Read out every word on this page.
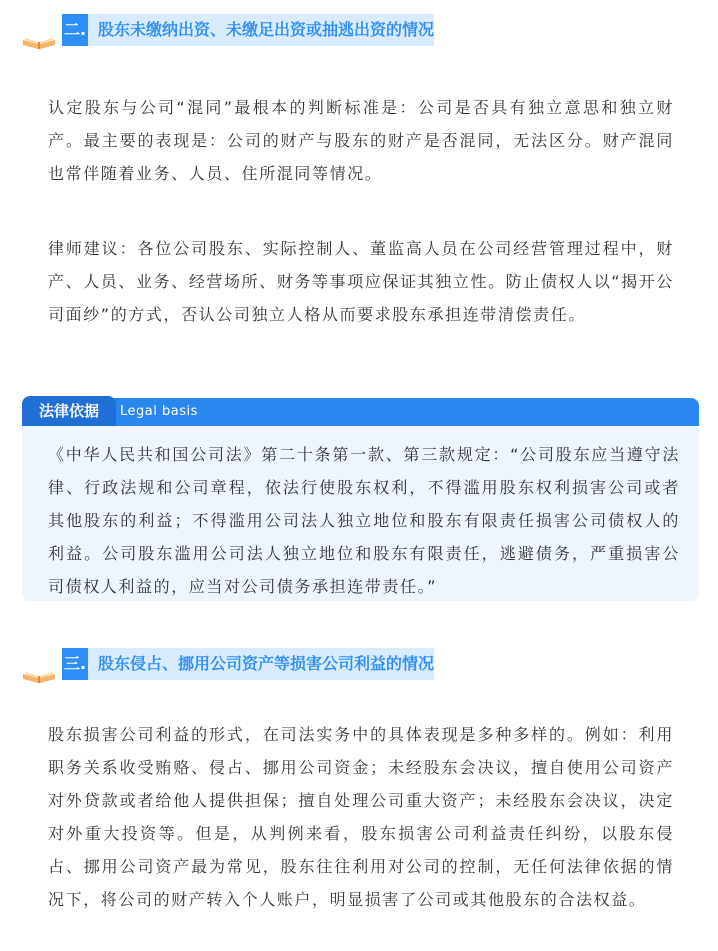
二. 股东未缴纳出资、未缴足出资或抽逃出资的情况

认定股东与公司“混同”最根本的判断标准是：公司是否具有独立意思和独立财产。最主要的表现是：公司的财产与股东的财产是否混同，无法区分。财产混同也常伴随着业务、人员、住所混同等情况。

律师建议：各位公司股东、实际控制人、董监高人员在公司经营管理过程中，财产、人员、业务、经营场所、财务等事项应保证其独立性。防止债权人以“揭开公司面纱”的方式，否认公司独立人格从而要求股东承担连带清偿责任。

法律依据	Legal basis
《中华人民共和国公司法》第二十条第一款、第三款规定：“公司股东应当遵守法律、行政法规和公司章程，依法行使股东权利，不得滥用股东权利损害公司或者其他股东的利益；不得滥用公司法人独立地位和股东有限责任损害公司债权人的利益。公司股东滥用公司法人独立地位和股东有限责任，逃避债务，严重损害公司债权人利益的，应当对公司债务承担连带责任。”
三. 股东侵占、挪用公司资产等损害公司利益的情况

股东损害公司利益的形式，在司法实务中的具体表现是多种多样的。例如：利用职务关系收受贿赂、侵占、挪用公司资金；未经股东会决议，擅自使用公司资产对外贷款或者给他人提供担保；擅自处理公司重大资产；未经股东会决议，决定对外重大投资等。但是，从判例来看，股东损害公司利益责任纠纷，以股东侵占、挪用公司资产最为常见，股东往往利用对公司的控制，无任何法律依据的情况下，将公司的财产转入个人账户，明显损害了公司或其他股东的合法权益。
